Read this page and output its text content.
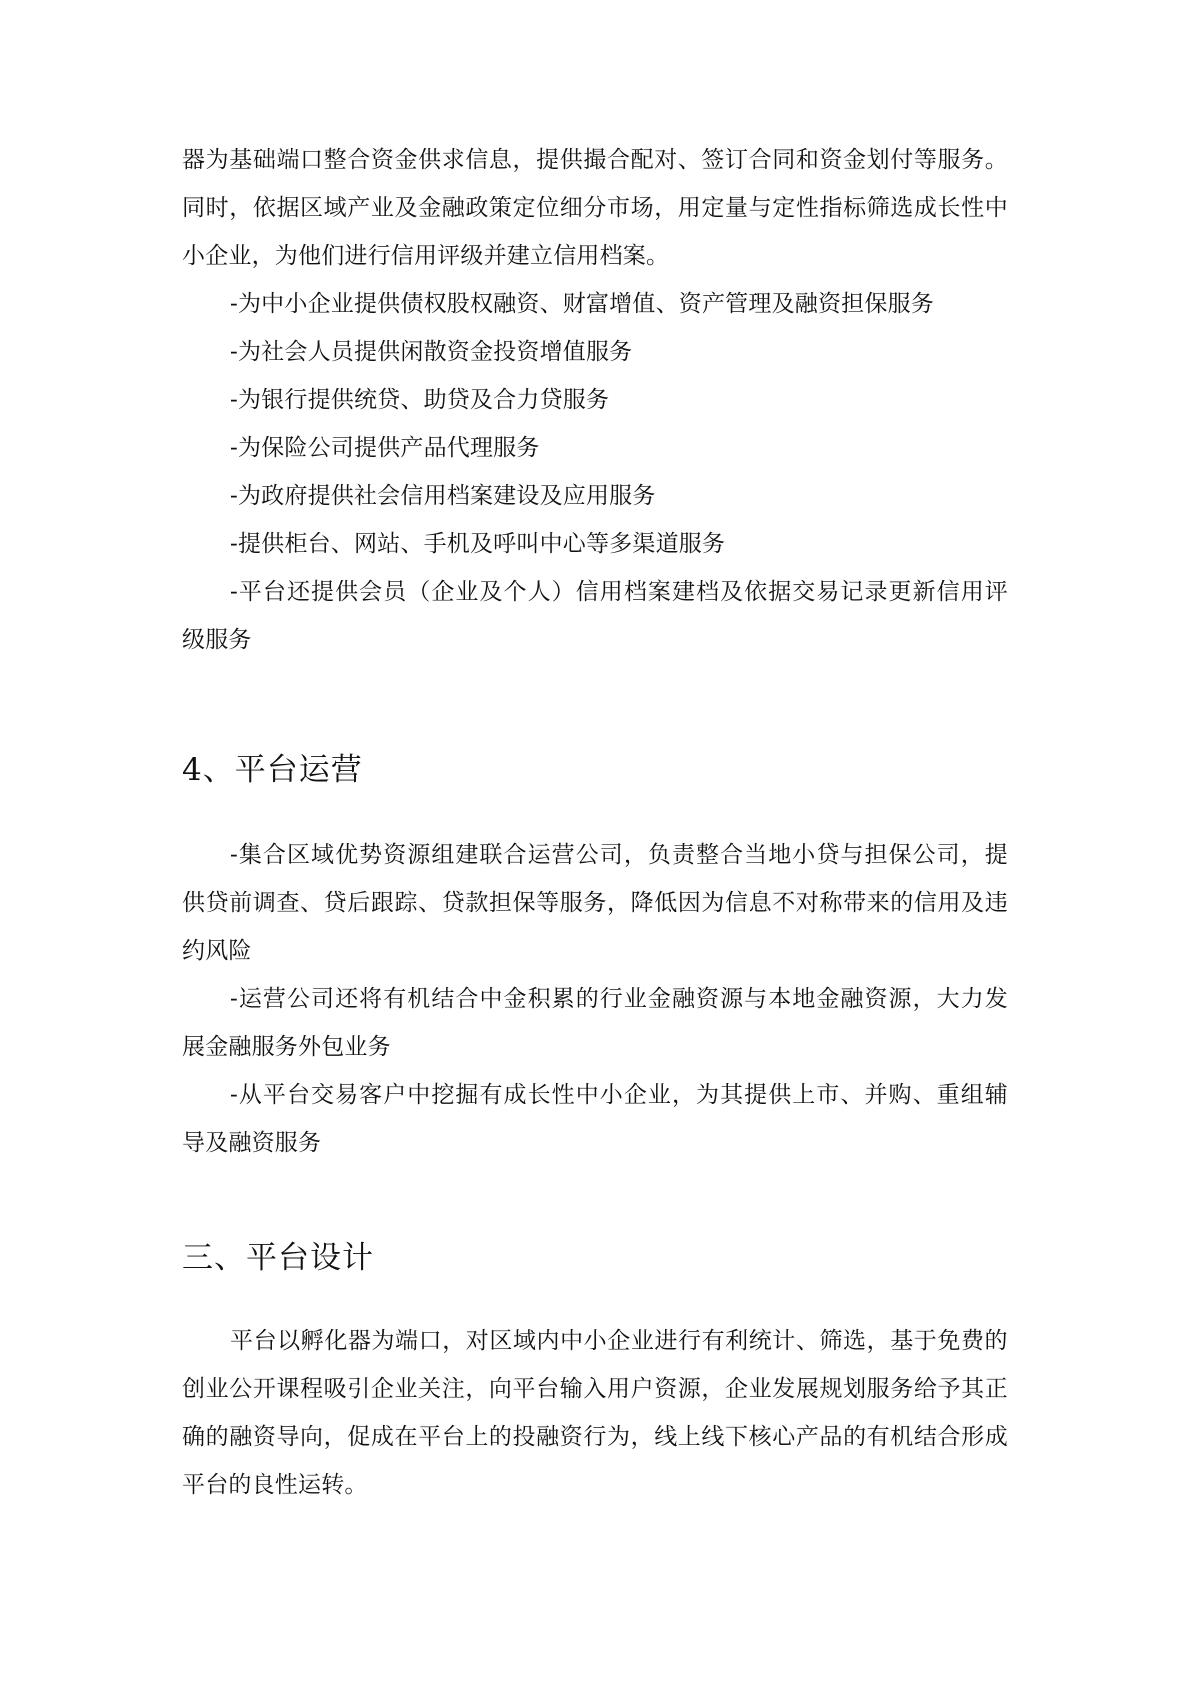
器 为 基 础 端 口 整 合 资 金 供 求 信 息 ， 提 供 撮 合 配 对 、 签 订 合 同 和 资 金 划 付 等 服 务 。
同 时 ， 依 据 区 域 产 业 及 金 融 政 策 定 位 细 分 市 场 ， 用 定 量 与 定 性 指 标 筛 选 成 长 性 中
小企业，为他们进行信用评级并建立信用档案。
-为中小企业提供债权股权融资、财富增值、资产管理及融资担保服务
-为社会人员提供闲散资金投资增值服务
-为银行提供统贷、助贷及合力贷服务
-为保险公司提供产品代理服务
-为政府提供社会信用档案建设及应用服务
-提供柜台、网站、手机及呼叫中心等多渠道服务
- 平 台 还 提 供 会 员 （ 企 业 及 个 人 ） 信 用 档 案 建 档 及 依 据 交 易 记 录 更 新 信 用 评
级服务
4、平台运营
- 集 合 区 域 优 势 资 源 组 建 联 合 运 营 公 司 ， 负 责 整 合 当 地 小 贷 与 担 保 公 司 ， 提
供 贷 前 调 查 、 贷 后 跟 踪 、 贷 款 担 保 等 服 务 ， 降 低 因 为 信 息 不 对 称 带 来 的 信 用 及 违
约风险
- 运 营 公 司 还 将 有 机 结 合 中 金 积 累 的 行 业 金 融 资 源 与 本 地 金 融 资 源 ， 大 力 发
展金融服务外包业务
- 从 平 台 交 易 客 户 中 挖 掘 有 成 长 性 中 小 企 业 ， 为 其 提 供 上 市 、 并 购 、 重 组 辅
导及融资服务
三、平台设计
平 台 以 孵 化 器 为 端 口 ， 对 区 域 内 中 小 企 业 进 行 有 利 统 计 、 筛 选 ， 基 于 免 费 的
创 业 公 开 课 程 吸 引 企 业 关 注 ， 向 平 台 输 入 用 户 资 源 ， 企 业 发 展 规 划 服 务 给 予 其 正
确 的 融 资 导 向 ， 促 成 在 平 台 上 的 投 融 资 行 为 ， 线 上 线 下 核 心 产 品 的 有 机 结 合 形 成
平台的良性运转。
